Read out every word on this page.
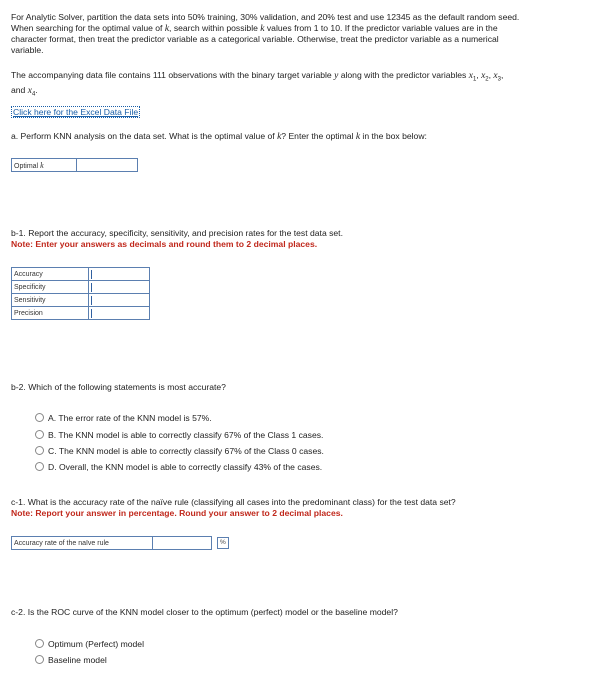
For Analytic Solver, partition the data sets into 50% training, 30% validation, and 20% test and use 12345 as the default random seed.
When searching for the optimal value of k, search within possible k values from 1 to 10. If the predictor variable values are in the
character format, then treat the predictor variable as a categorical variable. Otherwise, treat the predictor variable as a numerical
variable.
The accompanying data file contains 111 observations with the binary target variable y along with the predictor variables $x_1$, $x_2$, $x_3$,
and $x_4$.
Click here for the Excel Data File
a. Perform KNN analysis on the data set. What is the optimal value of k? Enter the optimal k in the box below:
Optimal k	
b-1. Report the accuracy, specificity, sensitivity, and precision rates for the test data set.
Note: Enter your answers as decimals and round them to 2 decimal places.
Accuracy	
Specificity	
Sensitivity	
Precision	
b-2. Which of the following statements is most accurate?
A. The error rate of the KNN model is 57%.
B. The KNN model is able to correctly classify 67% of the Class 1 cases.
C. The KNN model is able to correctly classify 67% of the Class 0 cases.
D. Overall, the KNN model is able to correctly classify 43% of the cases.
c-1. What is the accuracy rate of the naïve rule (classifying all cases into the predominant class) for the test data set?
Note: Report your answer in percentage. Round your answer to 2 decimal places.
Accuracy rate of the naïve rule		%
c-2. Is the ROC curve of the KNN model closer to the optimum (perfect) model or the baseline model?
Optimum (Perfect) model
Baseline model
